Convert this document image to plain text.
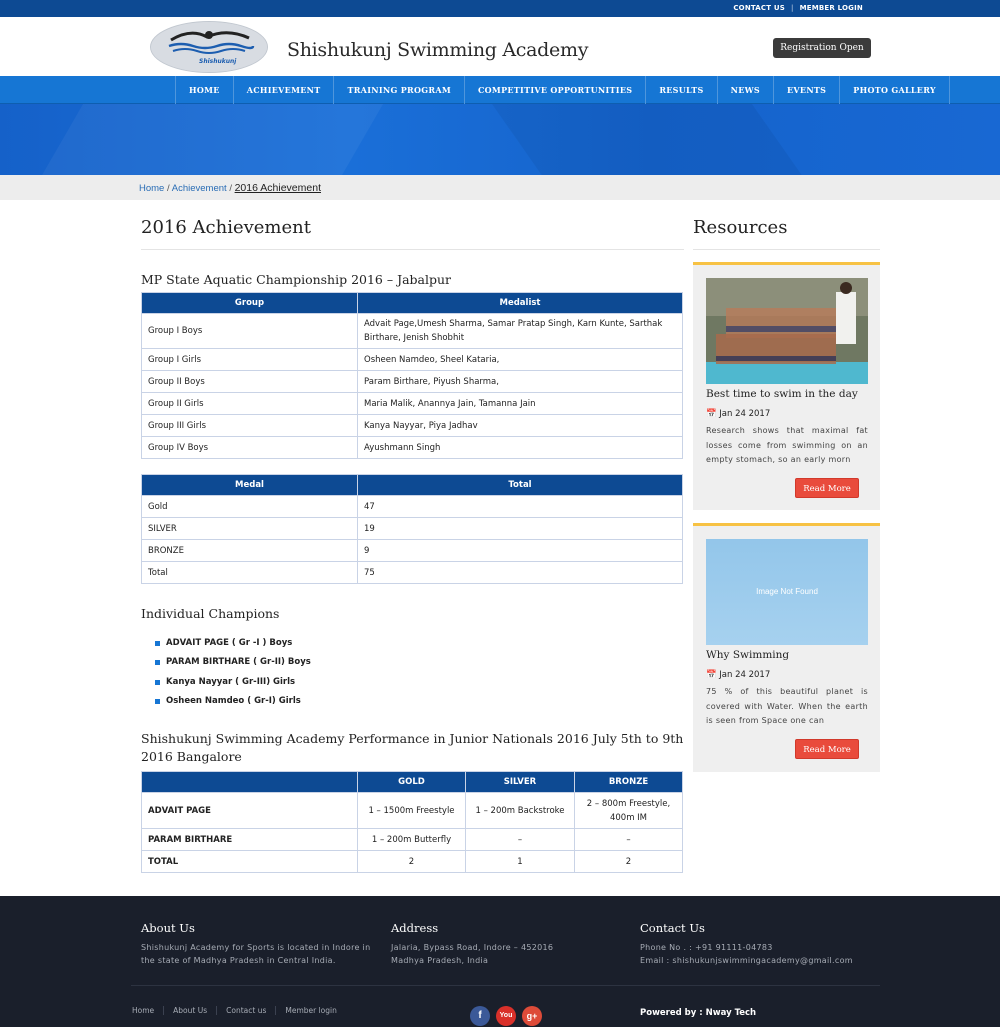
CONTACT US | MEMBER LOGIN
Shishukunj
Shishukunj Swimming Academy	Registration Open
HOME	ACHIEVEMENT	TRAINING PROGRAM	COMPETITIVE OPPORTUNITIES	RESULTS	NEWS	EVENTS	PHOTO GALLERY
Home / Achievement / 2016 Achievement
2016 Achievement
MP State Aquatic Championship 2016 – Jabalpur
Group	Medalist
Group I Boys	Advait Page,Umesh Sharma, Samar Pratap Singh, Karn Kunte, Sarthak Birthare, Jenish Shobhit
Group I Girls	Osheen Namdeo, Sheel Kataria,
Group II Boys	Param Birthare, Piyush Sharma,
Group II Girls	Maria Malik, Anannya Jain, Tamanna Jain
Group III Girls	Kanya Nayyar, Piya Jadhav
Group IV Boys	Ayushmann Singh
Medal	Total
Gold	47
SILVER	19
BRONZE	9
Total	75
Individual Champions
ADVAIT PAGE ( Gr -I ) Boys
PARAM BIRTHARE ( Gr-II) Boys
Kanya Nayyar ( Gr-III) Girls
Osheen Namdeo ( Gr-I) Girls
Shishukunj Swimming Academy Performance in Junior Nationals 2016 July 5th to 9th 2016 Bangalore
	GOLD	SILVER	BRONZE
ADVAIT PAGE	1 – 1500m Freestyle	1 – 200m Backstroke	2 – 800m Freestyle, 400m IM
PARAM BIRTHARE	1 – 200m Butterfly	–	–
TOTAL	2	1	2
Resources
Best time to swim in the day
📅 Jan 24 2017
Research shows that maximal fat losses come from swimming on an empty stomach, so an early morn
Read More
Image Not Found
Why Swimming
📅 Jan 24 2017
75 % of this beautiful planet is covered with Water. When the earth is seen from Space one can
Read More
About Us

Shishukunj Academy for Sports is located in Indore in the state of Madhya Pradesh in Central India.

Address

Jalaria, Bypass Road, Indore – 452016

Madhya Pradesh, India

Contact Us

Phone No . : +91 91111-04783

Email : shishukunjswimmingacademy@gmail.com

Home	About Us	Contact us	Member login	f	You	g+	Powered by : Nway Tech
